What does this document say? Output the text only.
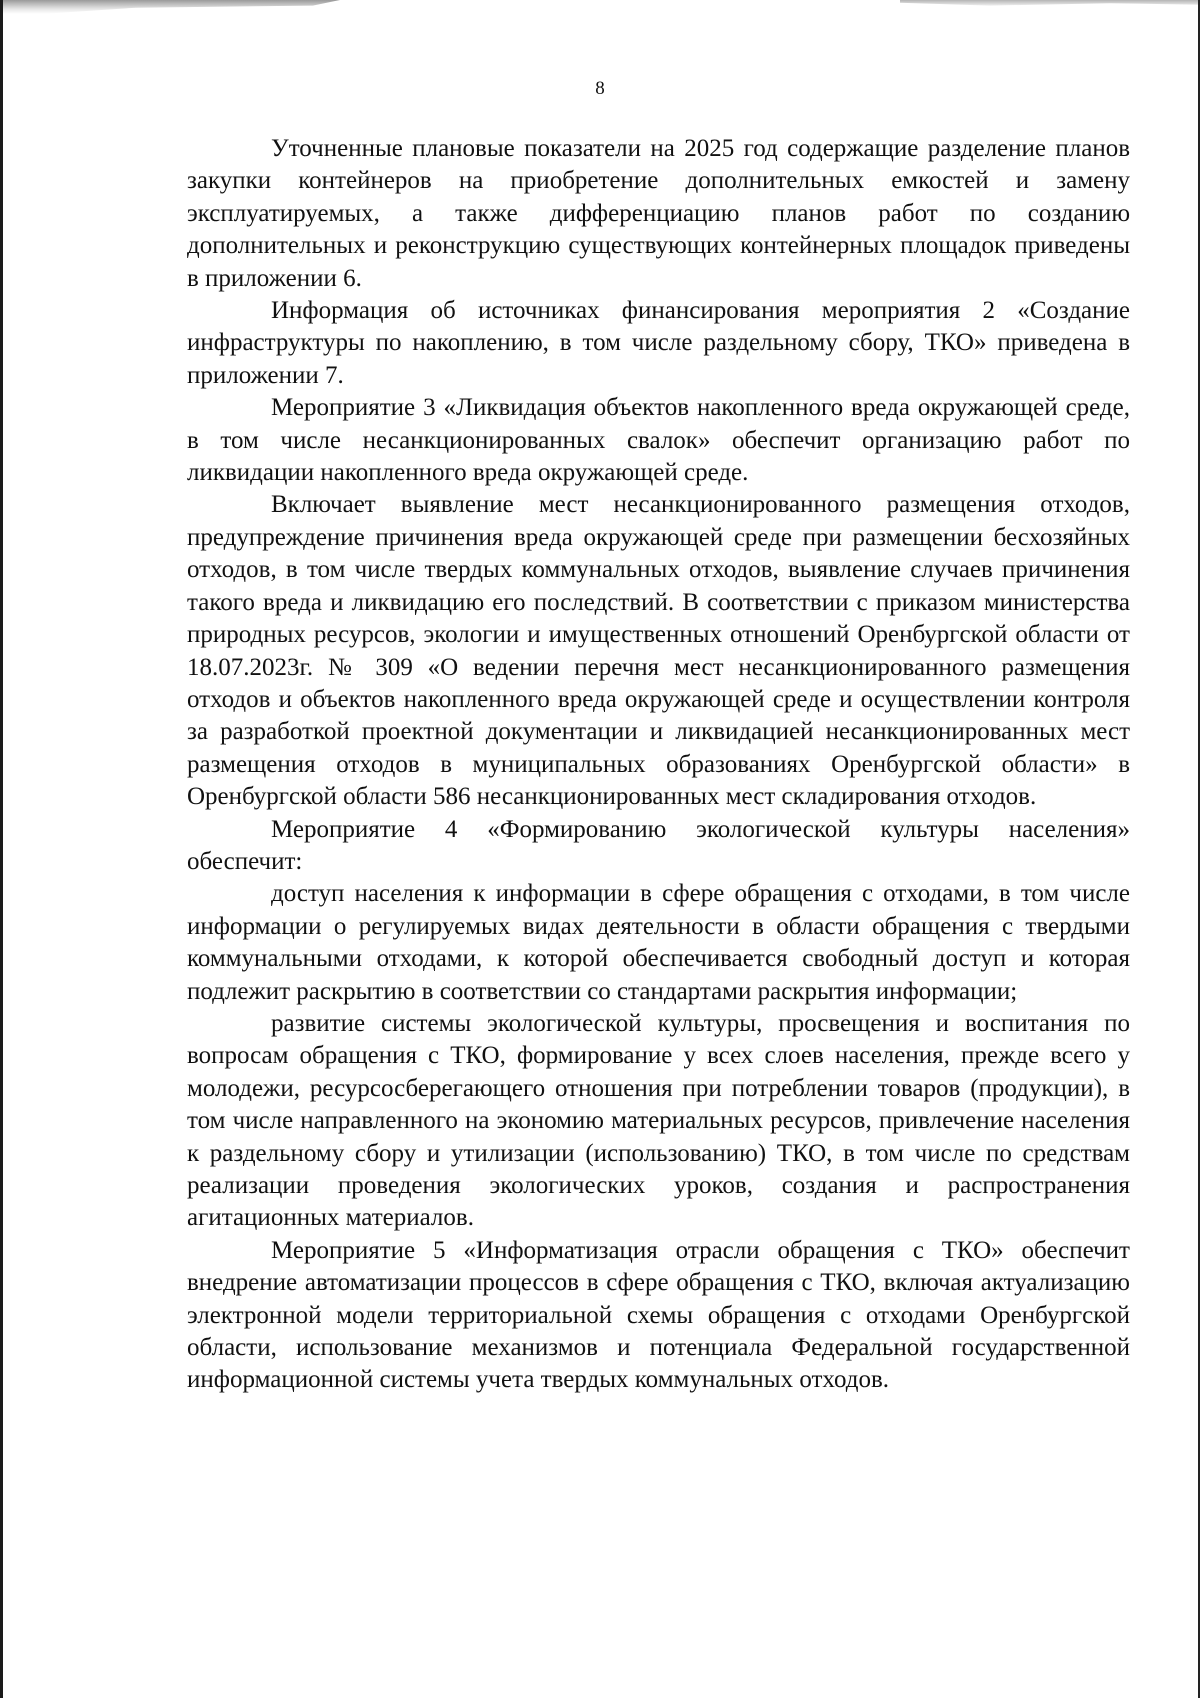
8

Уточненные плановые показатели на 2025 год содержащие разделение планов закупки контейнеров на приобретение дополнительных емкостей и замену эксплуатируемых, а также дифференциацию планов работ по созданию дополнительных и реконструкцию существующих контейнерных площадок приведены в приложении 6.

Информация об источниках финансирования мероприятия 2 «Создание инфраструктуры по накоплению, в том числе раздельному сбору, ТКО» приведена в приложении 7.

Мероприятие 3 «Ликвидация объектов накопленного вреда окружающей среде, в том числе несанкционированных свалок» обеспечит организацию работ по ликвидации накопленного вреда окружающей среде.

Включает выявление мест несанкционированного размещения отходов, предупреждение причинения вреда окружающей среде при размещении бесхозяйных отходов, в том числе твердых коммунальных отходов, выявление случаев причинения такого вреда и ликвидацию его последствий. В соответствии с приказом министерства природных ресурсов, экологии и имущественных отношений Оренбургской области от 18.07.2023г. № 309 «О ведении перечня мест несанкционированного размещения отходов и объектов накопленного вреда окружающей среде и осуществлении контроля за разработкой проектной документации и ликвидацией несанкционированных мест размещения отходов в муниципальных образованиях Оренбургской области» в Оренбургской области 586 несанкционированных мест складирования отходов.

Мероприятие 4 «Формированию экологической культуры населения» обеспечит:

доступ населения к информации в сфере обращения с отходами, в том числе информации о регулируемых видах деятельности в области обращения с твердыми коммунальными отходами, к которой обеспечивается свободный доступ и которая подлежит раскрытию в соответствии со стандартами раскрытия информации;

развитие системы экологической культуры, просвещения и воспитания по вопросам обращения с ТКО, формирование у всех слоев населения, прежде всего у молодежи, ресурсосберегающего отношения при потреблении товаров (продукции), в том числе направленного на экономию материальных ресурсов, привлечение населения к раздельному сбору и утилизации (использованию) ТКО, в том числе по средствам реализации проведения экологических уроков, создания и распространения агитационных материалов.

Мероприятие 5 «Информатизация отрасли обращения с ТКО» обеспечит внедрение автоматизации процессов в сфере обращения с ТКО, включая актуализацию электронной модели территориальной схемы обращения с отходами Оренбургской области, использование механизмов и потенциала Федеральной государственной информационной системы учета твердых коммунальных отходов.
